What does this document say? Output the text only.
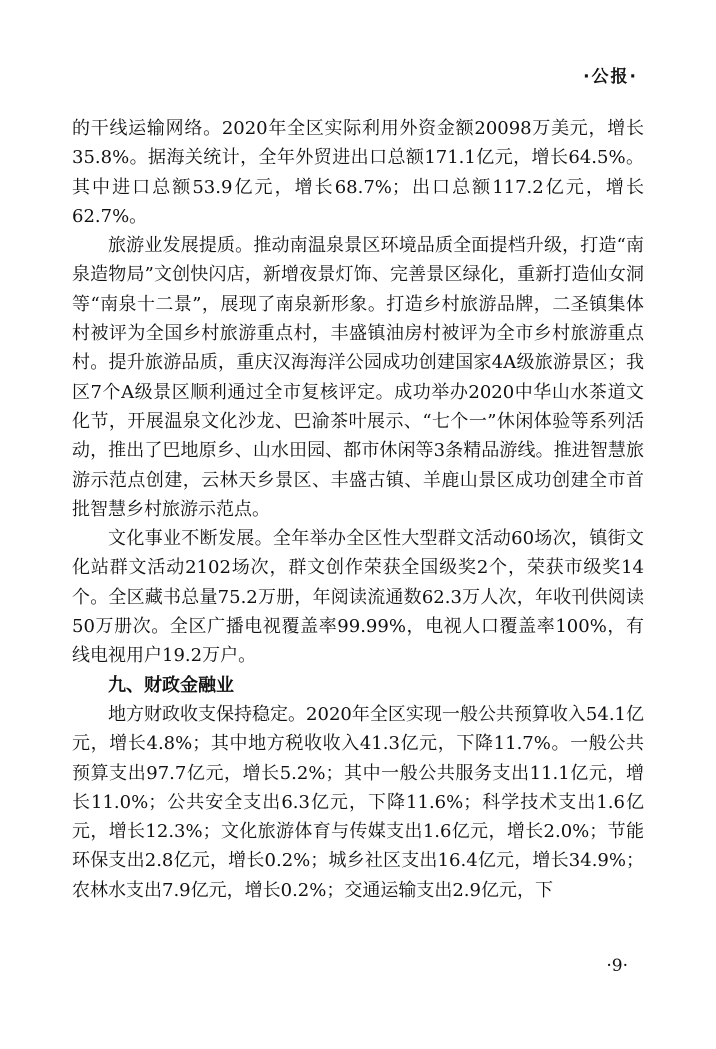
·公报·

的干线运输网络。2020年全区实际利用外资金额20098万美元，增长35.8%。据海关统计，全年外贸进出口总额171.1亿元，增长64.5%。其中进口总额53.9亿元，增长68.7%；出口总额117.2亿元，增长62.7%。

旅游业发展提质。推动南温泉景区环境品质全面提档升级，打造“南泉造物局”文创快闪店，新增夜景灯饰、完善景区绿化，重新打造仙女洞等“南泉十二景”，展现了南泉新形象。打造乡村旅游品牌，二圣镇集体村被评为全国乡村旅游重点村，丰盛镇油房村被评为全市乡村旅游重点村。提升旅游品质，重庆汉海海洋公园成功创建国家4A级旅游景区；我区7个A级景区顺利通过全市复核评定。成功举办2020中华山水茶道文化节，开展温泉文化沙龙、巴渝茶叶展示、“七个一”休闲体验等系列活动，推出了巴地原乡、山水田园、都市休闲等3条精品游线。推进智慧旅游示范点创建，云林天乡景区、丰盛古镇、羊鹿山景区成功创建全市首批智慧乡村旅游示范点。

文化事业不断发展。全年举办全区性大型群文活动60场次，镇街文化站群文活动2102场次，群文创作荣获全国级奖2个，荣获市级奖14个。全区藏书总量75.2万册，年阅读流通数62.3万人次，年收刊供阅读50万册次。全区广播电视覆盖率99.99%，电视人口覆盖率100%，有线电视用户19.2万户。

九、财政金融业

地方财政收支保持稳定。2020年全区实现一般公共预算收入54.1亿元，增长4.8%；其中地方税收收入41.3亿元，下降11.7%。一般公共预算支出97.7亿元，增长5.2%；其中一般公共服务支出11.1亿元，增长11.0%；公共安全支出6.3亿元，下降11.6%；科学技术支出1.6亿元，增长12.3%；文化旅游体育与传媒支出1.6亿元，增长2.0%；节能环保支出2.8亿元，增长0.2%；城乡社区支出16.4亿元，增长34.9%；农林水支出7.9亿元，增长0.2%；交通运输支出2.9亿元，下

·9·
